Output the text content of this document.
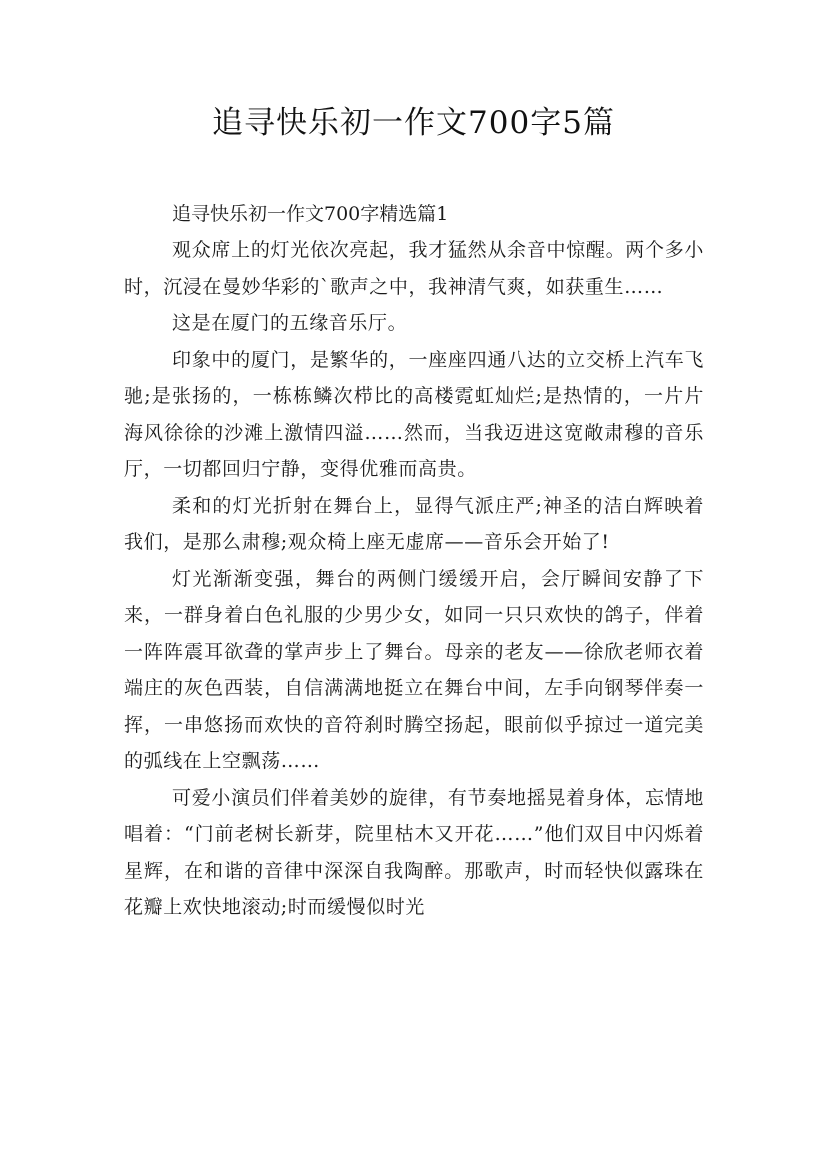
追寻快乐初一作文700字5篇

追寻快乐初一作文700字精选篇1

观众席上的灯光依次亮起，我才猛然从余音中惊醒。两个多小时，沉浸在曼妙华彩的`歌声之中，我神清气爽，如获重生……

这是在厦门的五缘音乐厅。

印象中的厦门，是繁华的，一座座四通八达的立交桥上汽车飞驰;是张扬的，一栋栋鳞次栉比的高楼霓虹灿烂;是热情的，一片片海风徐徐的沙滩上激情四溢……然而，当我迈进这宽敞肃穆的音乐厅，一切都回归宁静，变得优雅而高贵。

柔和的灯光折射在舞台上，显得气派庄严;神圣的洁白辉映着我们，是那么肃穆;观众椅上座无虚席——音乐会开始了!

灯光渐渐变强，舞台的两侧门缓缓开启，会厅瞬间安静了下来，一群身着白色礼服的少男少女，如同一只只欢快的鸽子，伴着一阵阵震耳欲聋的掌声步上了舞台。母亲的老友——徐欣老师衣着端庄的灰色西装，自信满满地挺立在舞台中间，左手向钢琴伴奏一挥，一串悠扬而欢快的音符刹时腾空扬起，眼前似乎掠过一道完美的弧线在上空飘荡……

可爱小演员们伴着美妙的旋律，有节奏地摇晃着身体，忘情地唱着：“门前老树长新芽，院里枯木又开花……”他们双目中闪烁着星辉，在和谐的音律中深深自我陶醉。那歌声，时而轻快似露珠在花瓣上欢快地滚动;时而缓慢似时光
